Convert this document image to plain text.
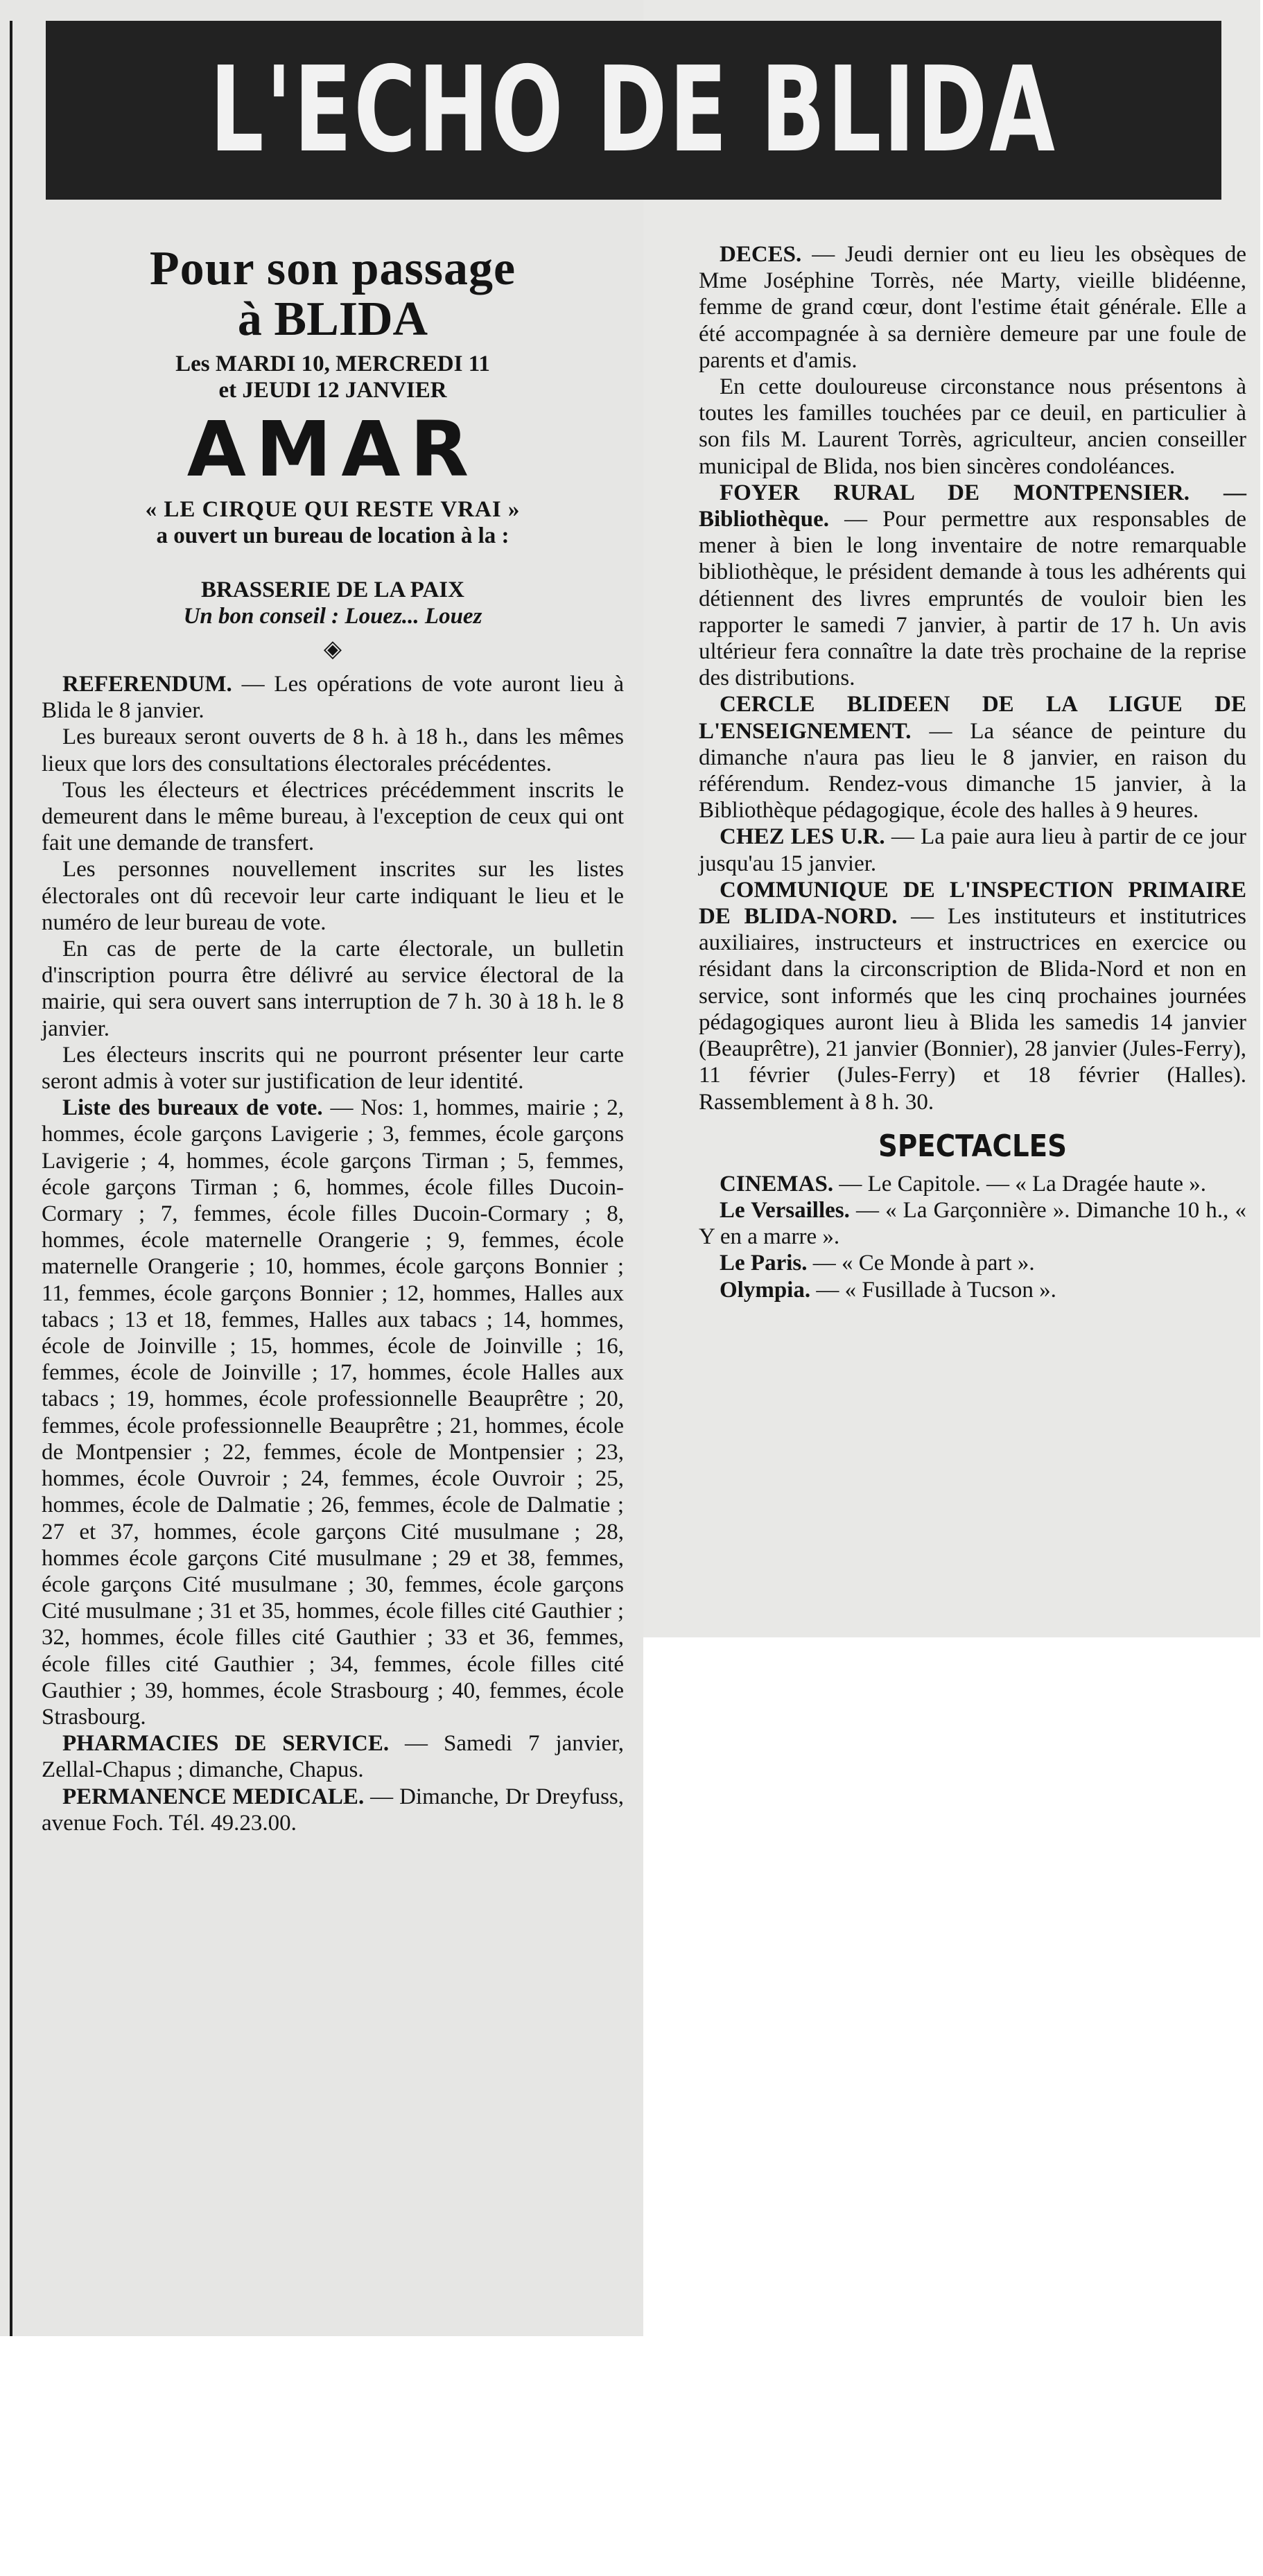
L'ECHO DE BLIDA
Pour son passage
à BLIDA
Les MARDI 10, MERCREDI 11
et JEUDI 12 JANVIER
AMAR
« LE CIRQUE QUI RESTE VRAI »
a ouvert un bureau de location à la :
BRASSERIE DE LA PAIX
Un bon conseil : Louez... Louez
◈

REFERENDUM. — Les opérations de vote auront lieu à Blida le 8 janvier.

Les bureaux seront ouverts de 8 h. à 18 h., dans les mêmes lieux que lors des consultations électorales précédentes.

Tous les électeurs et électrices précédemment inscrits le demeurent dans le même bureau, à l'exception de ceux qui ont fait une demande de transfert.

Les personnes nouvellement inscrites sur les listes électorales ont dû recevoir leur carte indiquant le lieu et le numéro de leur bureau de vote.

En cas de perte de la carte électorale, un bulletin d'inscription pourra être délivré au service électoral de la mairie, qui sera ouvert sans interruption de 7 h. 30 à 18 h. le 8 janvier.

Les électeurs inscrits qui ne pourront présenter leur carte seront admis à voter sur justification de leur identité.

Liste des bureaux de vote. — Nos: 1, hommes, mairie ; 2, hommes, école garçons Lavigerie ; 3, femmes, école garçons Lavigerie ; 4, hommes, école garçons Tirman ; 5, femmes, école garçons Tirman ; 6, hommes, école filles Ducoin-Cormary ; 7, femmes, école filles Ducoin-Cormary ; 8, hommes, école maternelle Orangerie ; 9, femmes, école maternelle Orangerie ; 10, hommes, école garçons Bonnier ; 11, femmes, école garçons Bonnier ; 12, hommes, Halles aux tabacs ; 13 et 18, femmes, Halles aux tabacs ; 14, hommes, école de Joinville ; 15, hommes, école de Joinville ; 16, femmes, école de Joinville ; 17, hommes, école Halles aux tabacs ; 19, hommes, école professionnelle Beauprêtre ; 20, femmes, école professionnelle Beauprêtre ; 21, hommes, école de Montpensier ; 22, femmes, école de Montpensier ; 23, hommes, école Ouvroir ; 24, femmes, école Ouvroir ; 25, hommes, école de Dalmatie ; 26, femmes, école de Dalmatie ; 27 et 37, hommes, école garçons Cité musulmane ; 28, hommes école garçons Cité musulmane ; 29 et 38, femmes, école garçons Cité musulmane ; 30, femmes, école garçons Cité musulmane ; 31 et 35, hommes, école filles cité Gauthier ; 32, hommes, école filles cité Gauthier ; 33 et 36, femmes, école filles cité Gauthier ; 34, femmes, école filles cité Gauthier ; 39, hommes, école Strasbourg ; 40, femmes, école Strasbourg.

PHARMACIES DE SERVICE. — Samedi 7 janvier, Zellal-Chapus ; dimanche, Chapus.

PERMANENCE MEDICALE. — Dimanche, Dr Dreyfuss, avenue Foch. Tél. 49.23.00.

DECES. — Jeudi dernier ont eu lieu les obsèques de Mme Joséphine Torrès, née Marty, vieille blidéenne, femme de grand cœur, dont l'estime était générale. Elle a été accompagnée à sa dernière demeure par une foule de parents et d'amis.

En cette douloureuse circonstance nous présentons à toutes les familles touchées par ce deuil, en particulier à son fils M. Laurent Torrès, agriculteur, ancien conseiller municipal de Blida, nos bien sincères condoléances.

FOYER RURAL DE MONTPENSIER. — Bibliothèque. — Pour permettre aux responsables de mener à bien le long inventaire de notre remarquable bibliothèque, le président demande à tous les adhérents qui détiennent des livres empruntés de vouloir bien les rapporter le samedi 7 janvier, à partir de 17 h. Un avis ultérieur fera connaître la date très prochaine de la reprise des distributions.

CERCLE BLIDEEN DE LA LIGUE DE L'ENSEIGNEMENT. — La séance de peinture du dimanche n'aura pas lieu le 8 janvier, en raison du référendum. Rendez-vous dimanche 15 janvier, à la Bibliothèque pédagogique, école des halles à 9 heures.

CHEZ LES U.R. — La paie aura lieu à partir de ce jour jusqu'au 15 janvier.

COMMUNIQUE DE L'INSPECTION PRIMAIRE DE BLIDA-NORD. — Les instituteurs et institutrices auxiliaires, instructeurs et instructrices en exercice ou résidant dans la circonscription de Blida-Nord et non en service, sont informés que les cinq prochaines journées pédagogiques auront lieu à Blida les samedis 14 janvier (Beauprêtre), 21 janvier (Bonnier), 28 janvier (Jules-Ferry), 11 février (Jules-Ferry) et 18 février (Halles). Rassemblement à 8 h. 30.

SPECTACLES

CINEMAS. — Le Capitole. — « La Dragée haute ».

Le Versailles. — « La Garçonnière ». Dimanche 10 h., « Y en a marre ».

Le Paris. — « Ce Monde à part ».

Olympia. — « Fusillade à Tucson ».
